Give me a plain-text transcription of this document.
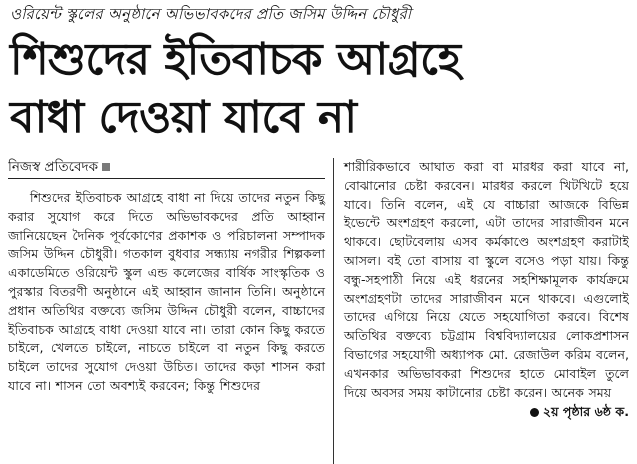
ওরিয়েন্ট স্কুলের অনুষ্ঠানে অভিভাবকদের প্রতি জসিম উদ্দিন চৌধুরী
শিশুদের ইতিবাচক আগ্রহে
বাধা দেওয়া যাবে না
নিজস্ব প্রতিবেদক

শিশুদের ইতিবাচক আগ্রহে বাধা না দিয়ে তাদের নতুন কিছু করার সুযোগ করে দিতে অভিভাবকদের প্রতি আহ্বান জানিয়েছেন দৈনিক পূর্বকোণের প্রকাশক ও পরিচালনা সম্পাদক জসিম উদ্দিন চৌধুরী। গতকাল বুধবার সন্ধ্যায় নগরীর শিল্পকলা একাডেমিতে ওরিয়েন্ট স্কুল এন্ড কলেজের বার্ষিক সাংস্কৃতিক ও পুরস্কার বিতরণী অনুষ্ঠানে এই আহ্বান জানান তিনি। অনুষ্ঠানে প্রধান অতিথির বক্তব্যে জসিম উদ্দিন চৌধুরী বলেন, বাচ্চাদের ইতিবাচক আগ্রহে বাধা দেওয়া যাবে না। তারা কোন কিছু করতে চাইলে, খেলতে চাইলে, নাচতে চাইলে বা নতুন কিছু করতে চাইলে তাদের সুযোগ দেওয়া উচিত। তাদের কড়া শাসন করা যাবে না। শাসন তো অবশ্যই করবেন; কিন্তু শিশুদের

শারীরিকভাবে আঘাত করা বা মারধর করা যাবে না, বোঝানোর চেষ্টা করবেন। মারধর করলে খিটখিটে হয়ে যাবে। তিনি বলেন, এই যে বাচ্চারা আজকে বিভিন্ন ইভেন্টে অংশগ্রহণ করলো, এটা তাদের সারাজীবন মনে থাকবে। ছোটবেলায় এসব কর্মকাণ্ডে অংশগ্রহণ করাটাই আসল। বই তো বাসায় বা স্কুলে বসেও পড়া যায়। কিন্তু বন্ধু-সহপাঠী নিয়ে এই ধরনের সহশিক্ষামূলক কার্যক্রমে অংশগ্রহণটা তাদের সারাজীবন মনে থাকবে। এগুলোই তাদের এগিয়ে নিয়ে যেতে সহযোগিতা করবে। বিশেষ অতিথির বক্তব্যে চট্টগ্রাম বিশ্ববিদ্যালয়ের লোকপ্রশাসন বিভাগের সহযোগী অধ্যাপক মো. রেজাউল করিম বলেন, এখনকার অভিভাবকরা শিশুদের হাতে মোবাইল তুলে দিয়ে অবসর সময় কাটানোর চেষ্টা করেন। অনেক সময়

২য় পৃষ্ঠার ৬ষ্ঠ ক.
